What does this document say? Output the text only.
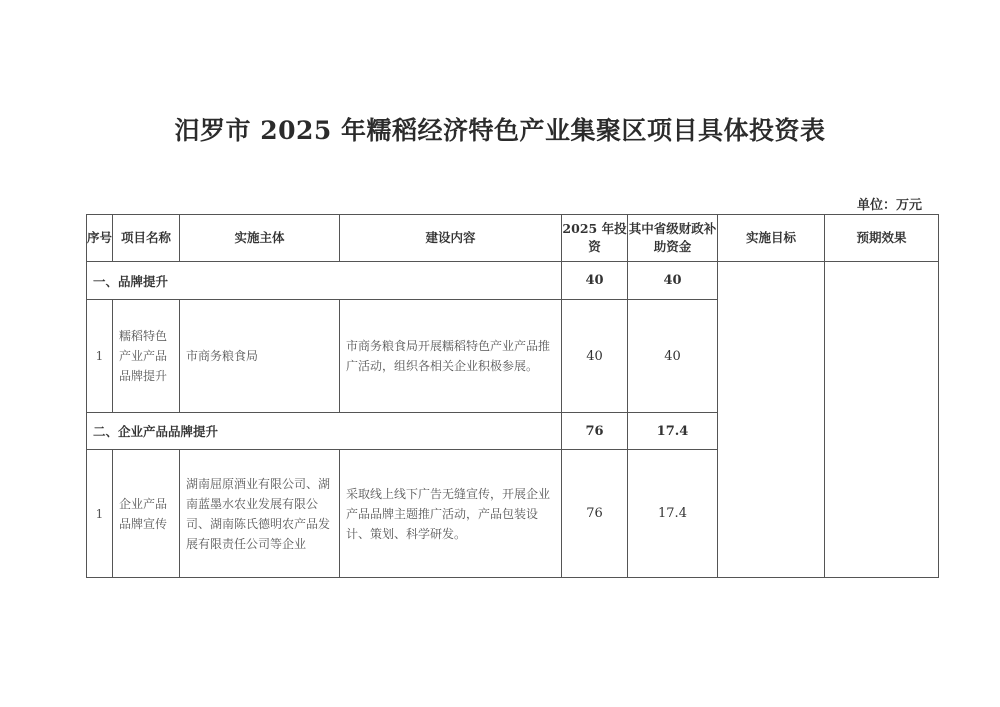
汨罗市 2025 年糯稻经济特色产业集聚区项目具体投资表
单位：万元
序号	项目名称	实施主体	建设内容	2025 年投资	其中省级财政补助资金	实施目标	预期效果
一、品牌提升				40	40		
1	糯稻特色产业产品品牌提升	市商务粮食局	市商务粮食局开展糯稻特色产业产品推广活动，组织各相关企业积极参展。	40	40		
二、企业产品品牌提升				76	17.4		
1	企业产品品牌宣传	湖南屈原酒业有限公司、湖南蓝墨水农业发展有限公司、湖南陈氏德明农产品发展有限责任公司等企业	采取线上线下广告无缝宣传，开展企业产品品牌主题推广活动，产品包装设计、策划、科学研发。	76	17.4		
